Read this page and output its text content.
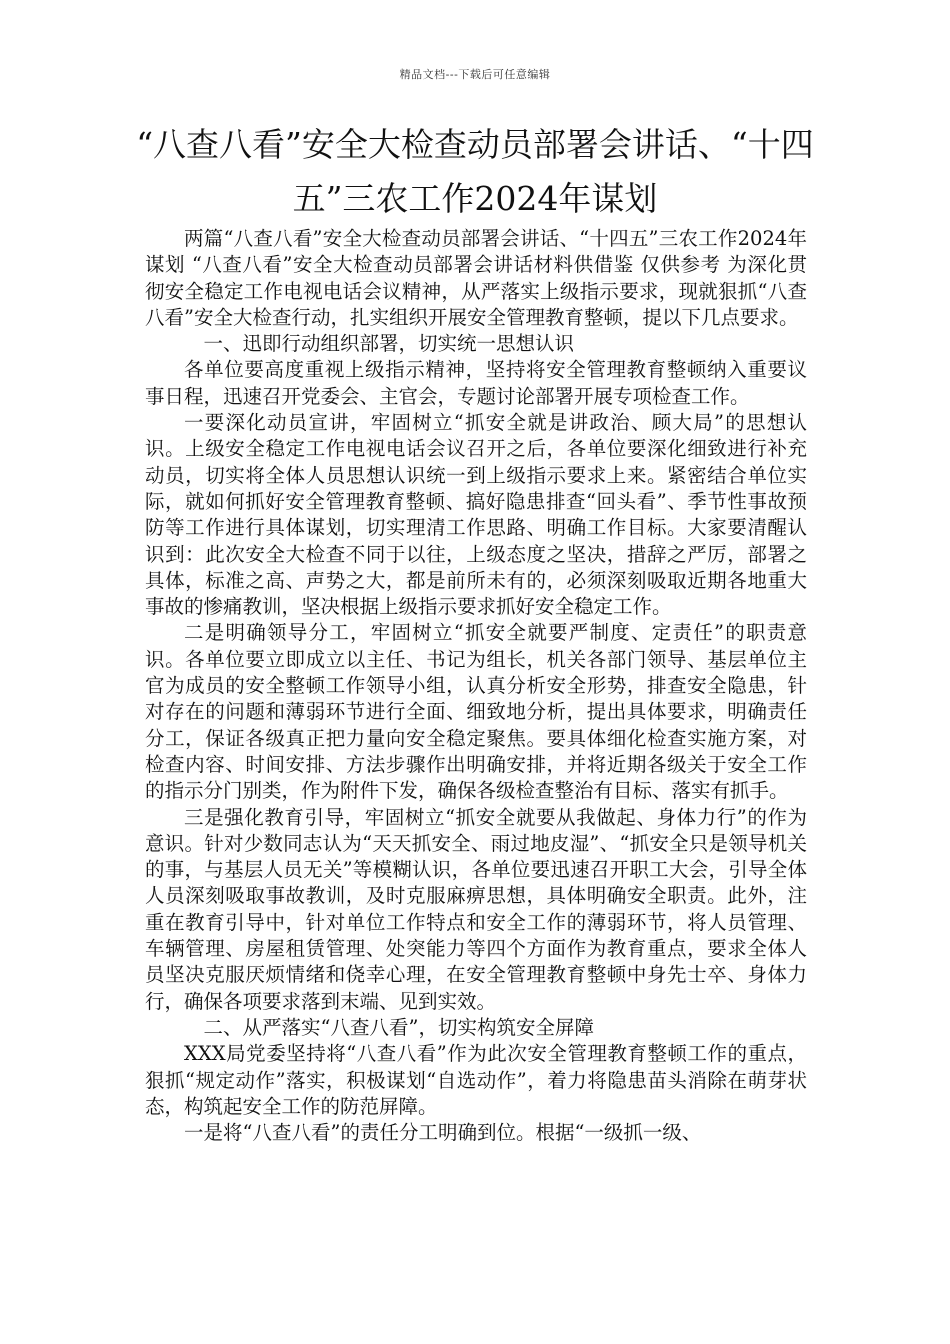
精品文档---下载后可任意编辑
“八查八看”安全大检查动员部署会讲话、“十四五”三农工作2024年谋划

两篇“八查八看”安全大检查动员部署会讲话、“十四五”三农工作2024年谋划 “八查八看”安全大检查动员部署会讲话材料供借鉴 仅供参考 为深化贯彻安全稳定工作电视电话会议精神，从严落实上级指示要求，现就狠抓“八查八看”安全大检查行动，扎实组织开展安全管理教育整顿，提以下几点要求。

一、迅即行动组织部署，切实统一思想认识

各单位要高度重视上级指示精神，坚持将安全管理教育整顿纳入重要议事日程，迅速召开党委会、主官会，专题讨论部署开展专项检查工作。

一要深化动员宣讲，牢固树立“抓安全就是讲政治、顾大局”的思想认识。上级安全稳定工作电视电话会议召开之后，各单位要深化细致进行补充动员，切实将全体人员思想认识统一到上级指示要求上来。紧密结合单位实际，就如何抓好安全管理教育整顿、搞好隐患排查“回头看”、季节性事故预防等工作进行具体谋划，切实理清工作思路、明确工作目标。大家要清醒认识到：此次安全大检查不同于以往，上级态度之坚决，措辞之严厉，部署之具体，标准之高、声势之大，都是前所未有的，必须深刻吸取近期各地重大事故的惨痛教训，坚决根据上级指示要求抓好安全稳定工作。

二是明确领导分工，牢固树立“抓安全就要严制度、定责任”的职责意识。各单位要立即成立以主任、书记为组长，机关各部门领导、基层单位主官为成员的安全整顿工作领导小组，认真分析安全形势，排查安全隐患，针对存在的问题和薄弱环节进行全面、细致地分析，提出具体要求，明确责任分工，保证各级真正把力量向安全稳定聚焦。要具体细化检查实施方案，对检查内容、时间安排、方法步骤作出明确安排，并将近期各级关于安全工作的指示分门别类，作为附件下发，确保各级检查整治有目标、落实有抓手。

三是强化教育引导，牢固树立“抓安全就要从我做起、身体力行”的作为意识。针对少数同志认为“天天抓安全、雨过地皮湿”、“抓安全只是领导机关的事，与基层人员无关”等模糊认识，各单位要迅速召开职工大会，引导全体人员深刻吸取事故教训，及时克服麻痹思想，具体明确安全职责。此外，注重在教育引导中，针对单位工作特点和安全工作的薄弱环节，将人员管理、车辆管理、房屋租赁管理、处突能力等四个方面作为教育重点，要求全体人员坚决克服厌烦情绪和侥幸心理，在安全管理教育整顿中身先士卒、身体力行，确保各项要求落到末端、见到实效。

二、从严落实“八查八看”，切实构筑安全屏障

XXX局党委坚持将“八查八看”作为此次安全管理教育整顿工作的重点，狠抓“规定动作”落实，积极谋划“自选动作”，着力将隐患苗头消除在萌芽状态，构筑起安全工作的防范屏障。

一是将“八查八看”的责任分工明确到位。根据“一级抓一级、
